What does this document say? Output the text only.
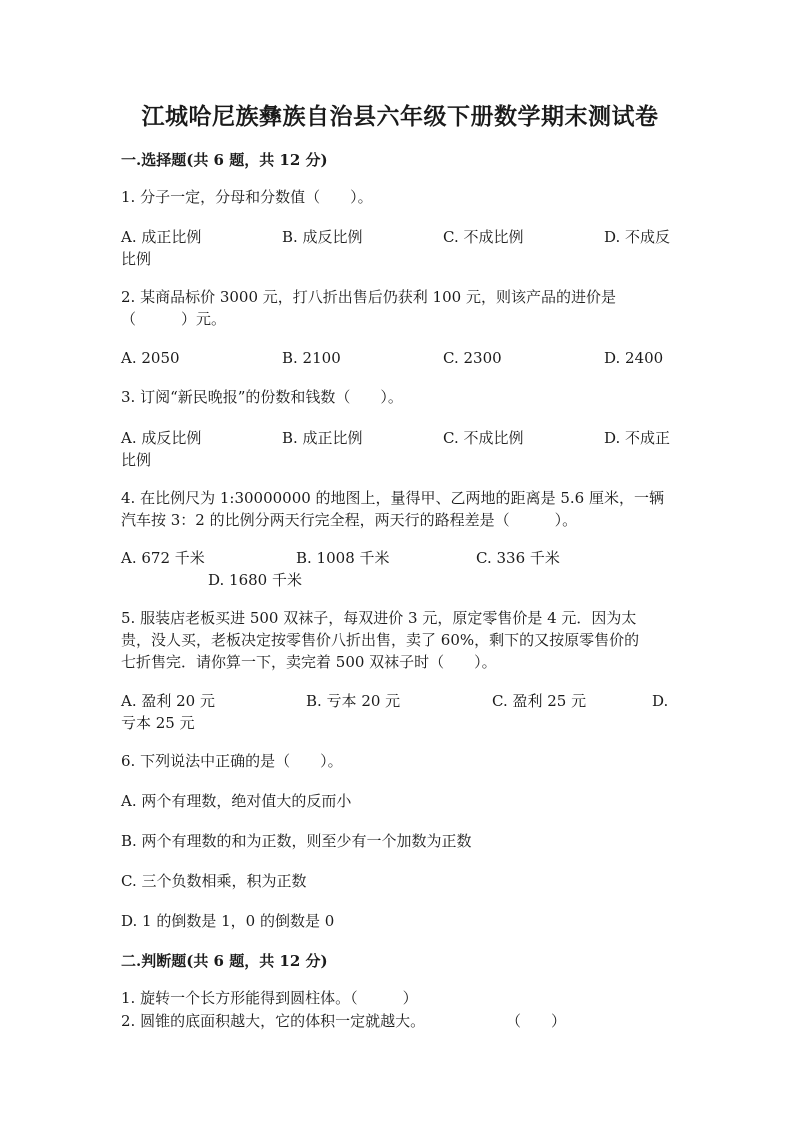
江城哈尼族彝族自治县六年级下册数学期末测试卷
一.选择题(共 6 题，共 12 分)
1. 分子一定，分母和分数值（　　）。
A. 成正比例	B. 成反比例	C. 不成比例	D. 不成反
比例
2. 某商品标价 3000 元，打八折出售后仍获利 100 元，则该产品的进价是
（　　　）元。
A. 2050	B. 2100	C. 2300	D. 2400
3. 订阅“新民晚报”的份数和钱数（　　）。
A. 成反比例	B. 成正比例	C. 不成比例	D. 不成正
比例
4. 在比例尺为 1:30000000 的地图上，量得甲、乙两地的距离是 5.6 厘米，一辆
汽车按 3：2 的比例分两天行完全程，两天行的路程差是（　　　）。
A. 672 千米	B. 1008 千米	C. 336 千米
D. 1680 千米
5. 服装店老板买进 500 双袜子，每双进价 3 元，原定零售价是 4 元．因为太
贵，没人买，老板决定按零售价八折出售，卖了 60%，剩下的又按原零售价的
七折售完．请你算一下，卖完着 500 双袜子时（　　）。
A. 盈利 20 元	B. 亏本 20 元	C. 盈利 25 元	D.
亏本 25 元
6. 下列说法中正确的是（　　）。
A. 两个有理数，绝对值大的反而小
B. 两个有理数的和为正数，则至少有一个加数为正数
C. 三个负数相乘，积为正数
D. 1 的倒数是 1，0 的倒数是 0
二.判断题(共 6 题，共 12 分)
1. 旋转一个长方形能得到圆柱体。（　　　）
2. 圆锥的底面积越大，它的体积一定就越大。	（　　）
